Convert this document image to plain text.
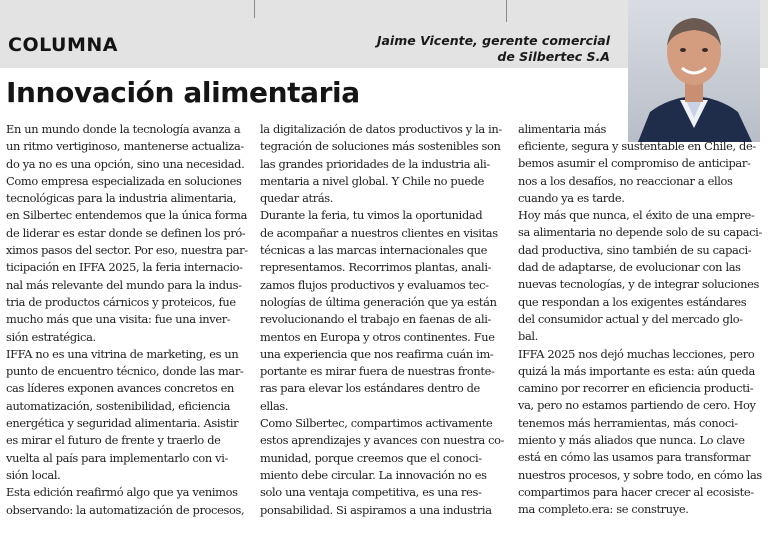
COLUMNA	Jaime Vicente, gerente comercial
de Silbertec S.A
Innovación alimentaria
En un mundo donde la tecnología avanza a
un ritmo vertiginoso, mantenerse actualiza-
do ya no es una opción, sino una necesidad.
Como empresa especializada en soluciones
tecnológicas para la industria alimentaria,
en Silbertec entendemos que la única forma
de liderar es estar donde se definen los pró-
ximos pasos del sector. Por eso, nuestra par-
ticipación en IFFA 2025, la feria internacio-
nal más relevante del mundo para la indus-
tria de productos cárnicos y proteicos, fue
mucho más que una visita: fue una inver-
sión estratégica.
IFFA no es una vitrina de marketing, es un
punto de encuentro técnico, donde las mar-
cas líderes exponen avances concretos en
automatización, sostenibilidad, eficiencia
energética y seguridad alimentaria. Asistir
es mirar el futuro de frente y traerlo de
vuelta al país para implementarlo con vi-
sión local.
Esta edición reafirmó algo que ya venimos
observando: la automatización de procesos,
la digitalización de datos productivos y la in-
tegración de soluciones más sostenibles son
las grandes prioridades de la industria ali-
mentaria a nivel global. Y Chile no puede
quedar atrás.
Durante la feria, tu vimos la oportunidad
de acompañar a nuestros clientes en visitas
técnicas a las marcas internacionales que
representamos. Recorrimos plantas, anali-
zamos flujos productivos y evaluamos tec-
nologías de última generación que ya están
revolucionando el trabajo en faenas de ali-
mentos en Europa y otros continentes. Fue
una experiencia que nos reafirma cuán im-
portante es mirar fuera de nuestras fronte-
ras para elevar los estándares dentro de
ellas.
Como Silbertec, compartimos activamente
estos aprendizajes y avances con nuestra co-
munidad, porque creemos que el conoci-
miento debe circular. La innovación no es
solo una ventaja competitiva, es una res-
ponsabilidad. Si aspiramos a una industria
alimentaria más
eficiente, segura y sustentable en Chile, de-
bemos asumir el compromiso de anticipar-
nos a los desafíos, no reaccionar a ellos
cuando ya es tarde.
Hoy más que nunca, el éxito de una empre-
sa alimentaria no depende solo de su capaci-
dad productiva, sino también de su capaci-
dad de adaptarse, de evolucionar con las
nuevas tecnologías, y de integrar soluciones
que respondan a los exigentes estándares
del consumidor actual y del mercado glo-
bal.
IFFA 2025 nos dejó muchas lecciones, pero
quizá la más importante es esta: aún queda
camino por recorrer en eficiencia producti-
va, pero no estamos partiendo de cero. Hoy
tenemos más herramientas, más conoci-
miento y más aliados que nunca. Lo clave
está en cómo las usamos para transformar
nuestros procesos, y sobre todo, en cómo las
compartimos para hacer crecer al ecosiste-
ma completo.era: se construye.
